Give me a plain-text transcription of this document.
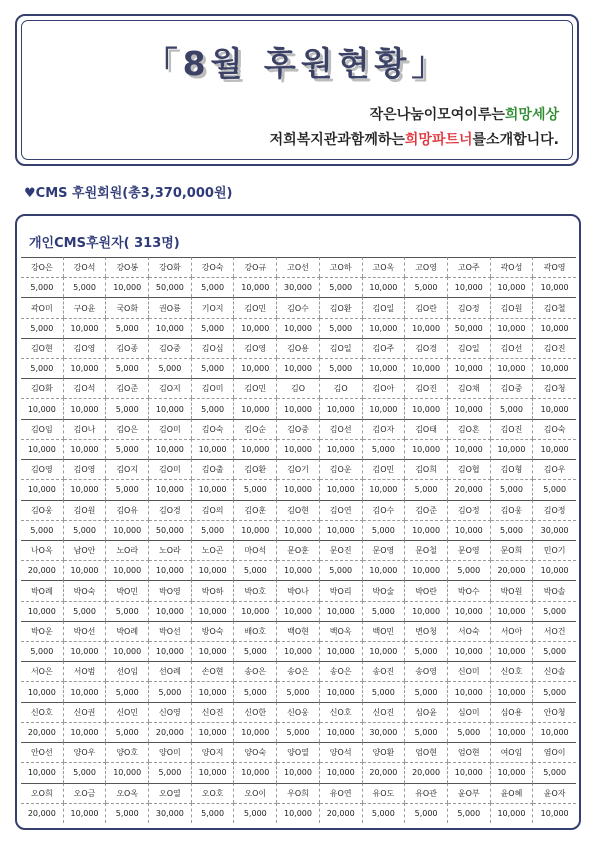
「8월 후원현황」
작은나눔이모여이루는희망세상
저희복지관과함께하는희망파트너를소개합니다.
♥CMS 후원회원(총3,370,000원)
개인CMS후원자( 313명)
강O은	강O석	강O봉	강O화	강O숙	강O규	고O선	고O하	고O옥	고O영	고O주	곽O성	곽O영
5,000	5,000	10,000	50,000	5,000	10,000	30,000	5,000	10,000	5,000	10,000	10,000	10,000
곽O미	구O윤	국O화	권O룡	기O지	김O민	김O수	김O환	김O일	김O란	김O정	김O원	김O철
5,000	10,000	5,000	10,000	5,000	10,000	10,000	5,000	10,000	10,000	50,000	10,000	10,000
김O현	김O영	김O종	김O중	김O심	김O영	김O용	김O일	김O주	김O경	김O일	김O선	김O진
5,000	10,000	5,000	5,000	5,000	10,000	10,000	5,000	10,000	10,000	10,000	10,000	10,000
김O화	김O석	김O준	김O지	김O미	김O민	김O	김O	김O아	김O진	김O채	김O중	김O청
10,000	10,000	5,000	10,000	5,000	10,000	10,000	10,000	10,000	10,000	10,000	5,000	10,000
김O임	김O나	김O은	김O미	김O숙	김O순	김O중	김O선	김O자	김O태	김O혼	김O진	김O숙
10,000	10,000	5,000	10,000	10,000	10,000	10,000	10,000	5,000	10,000	10,000	10,000	10,000
김O영	김O영	김O지	김O미	김O출	김O환	김O기	김O운	김O민	김O희	김O협	김O형	김O우
10,000	10,000	5,000	10,000	10,000	5,000	10,000	10,000	10,000	5,000	20,000	5,000	5,000
김O웅	김O원	김O유	김O경	김O의	김O훈	김O현	김O연	김O수	김O준	김O정	김O웅	김O정
5,000	5,000	10,000	50,000	5,000	10,000	10,000	10,000	5,000	10,000	10,000	5,000	30,000
나O옥	남O안	노O라	노O라	노O곤	마O석	문O훈	문O진	문O영	문O철	문O영	문O희	민O기
20,000	10,000	10,000	10,000	10,000	5,000	10,000	5,000	10,000	10,000	5,000	20,000	10,000
박O례	박O숙	박O민	박O영	박O하	박O호	박O나	박O리	박O술	박O란	박O수	박O원	박O솔
10,000	5,000	5,000	10,000	10,000	10,000	10,000	10,000	5,000	10,000	10,000	10,000	5,000
박O운	박O선	박O례	박O선	방O숙	배O호	백O현	백O옥	백O민	변O청	서O숙	서O아	서O건
5,000	10,000	10,000	10,000	10,000	5,000	10,000	10,000	10,000	5,000	10,000	10,000	5,000
서O은	서O범	선O임	선O례	손O현	송O은	송O은	송O은	송O진	송O영	신O미	신O호	신O솔
10,000	10,000	5,000	5,000	10,000	5,000	5,000	10,000	5,000	5,000	10,000	10,000	5,000
신O호	신O권	신O민	신O영	신O진	신O한	신O웅	신O호	신O진	심O윤	심O미	심O용	안O청
20,000	10,000	5,000	20,000	10,000	10,000	5,000	10,000	30,000	5,000	5,000	10,000	10,000
안O선	양O우	양O호	양O미	양O지	양O숙	양O열	양O석	양O환	엄O현	엄O현	여O임	염O이
10,000	5,000	10,000	5,000	10,000	10,000	10,000	10,000	20,000	20,000	10,000	10,000	5,000
오O희	오O금	오O옥	오O열	오O호	오O이	우O희	유O연	유O도	유O관	윤O부	윤O혜	윤O자
20,000	10,000	5,000	30,000	5,000	5,000	10,000	20,000	5,000	5,000	5,000	10,000	10,000
